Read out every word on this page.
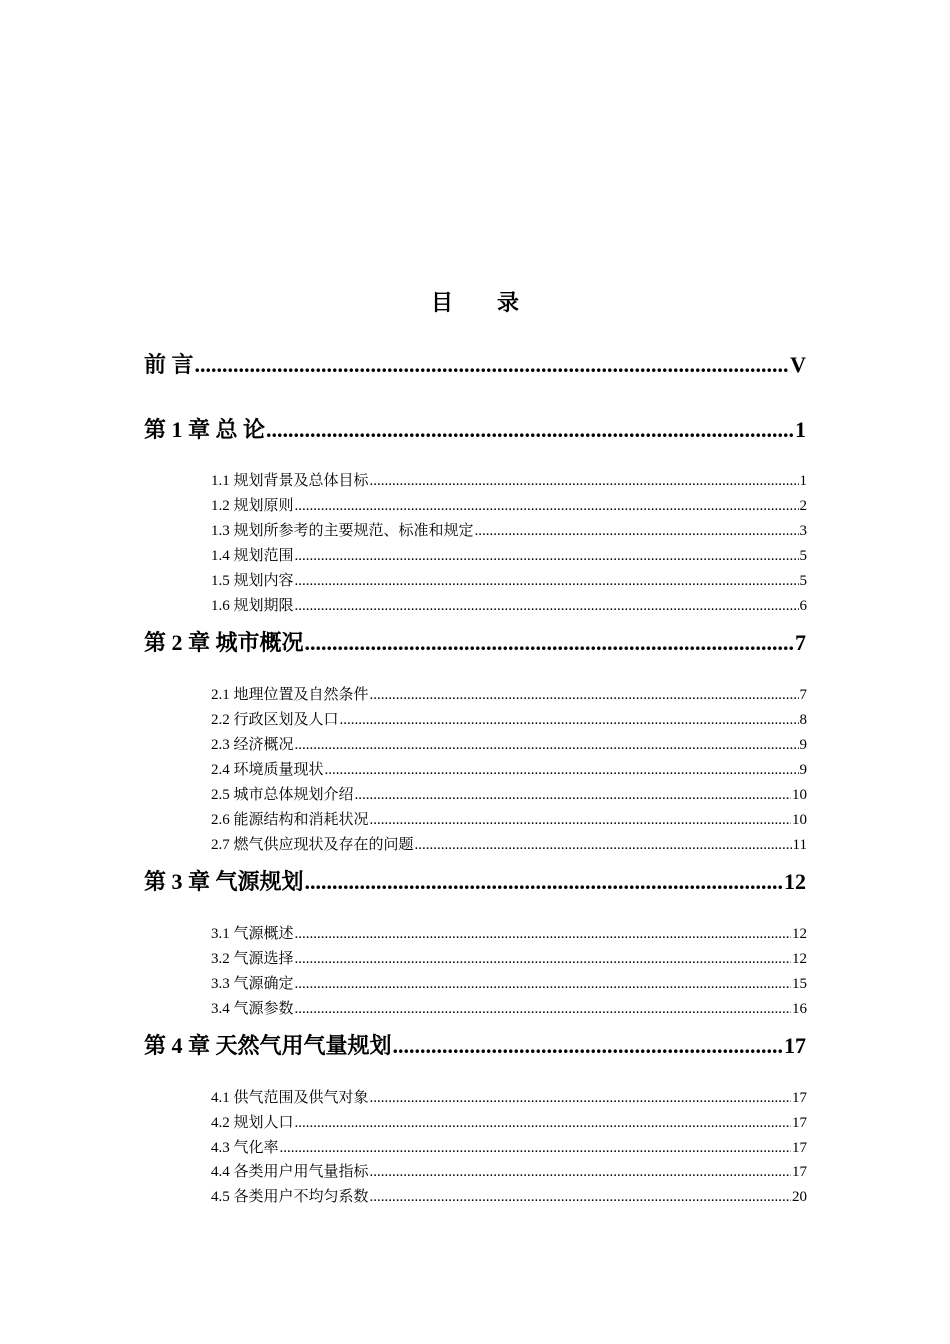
目　　录
前 言 .....	V
第 1 章 总 论 .....	1
1.1 规划背景及总体目标 .....	1
1.2 规划原则 .....	2
1.3 规划所参考的主要规范、标准和规定 .....	3
1.4 规划范围 .....	5
1.5 规划内容 .....	5
1.6 规划期限 .....	6
第 2 章 城市概况 .....	7
2.1 地理位置及自然条件 .....	7
2.2 行政区划及人口 .....	8
2.3 经济概况 .....	9
2.4 环境质量现状 .....	9
2.5 城市总体规划介绍 .....	10
2.6 能源结构和消耗状况 .....	10
2.7 燃气供应现状及存在的问题 .....	11
第 3 章 气源规划 .....	12
3.1 气源概述 .....	12
3.2 气源选择 .....	12
3.3 气源确定 .....	15
3.4 气源参数 .....	16
第 4 章 天然气用气量规划 .....	17
4.1 供气范围及供气对象 .....	17
4.2 规划人口 .....	17
4.3 气化率 .....	17
4.4 各类用户用气量指标 .....	17
4.5 各类用户不均匀系数 .....	20
